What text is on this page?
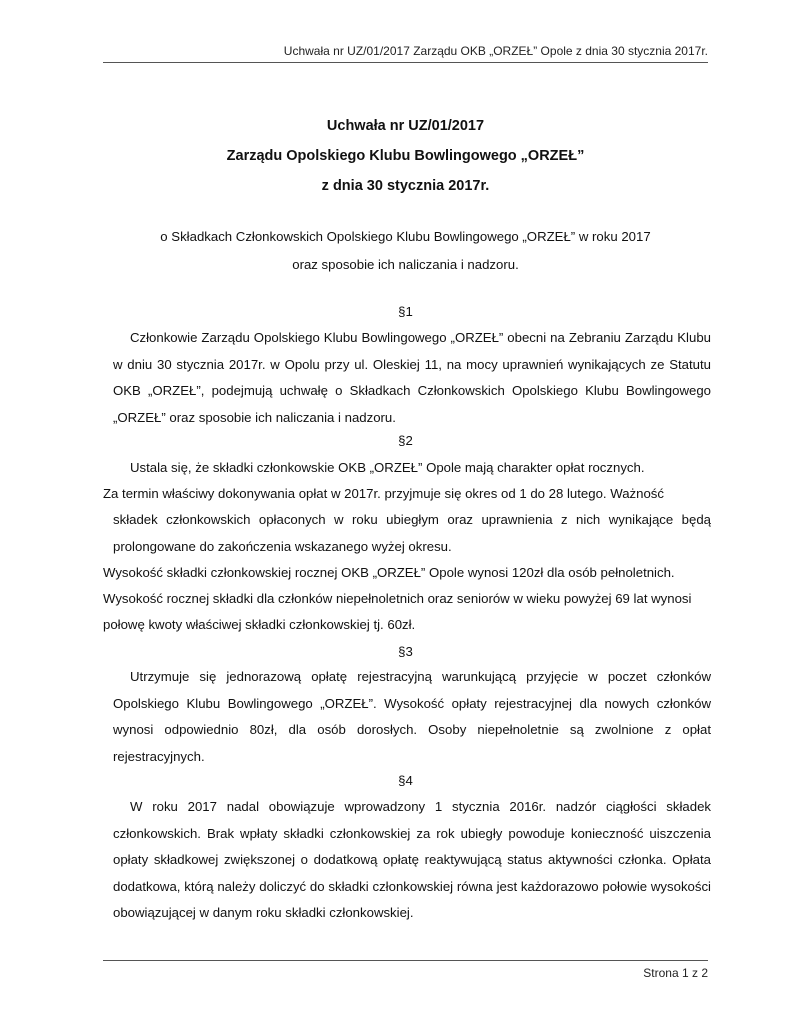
Uchwała nr UZ/01/2017 Zarządu OKB „ORZEŁ” Opole z dnia 30 stycznia 2017r.
Uchwała nr UZ/01/2017
Zarządu Opolskiego Klubu Bowlingowego „ORZEŁ”
z dnia 30 stycznia 2017r.
o Składkach Członkowskich Opolskiego Klubu Bowlingowego „ORZEŁ” w roku 2017
oraz sposobie ich naliczania i nadzoru.
§1

Członkowie Zarządu Opolskiego Klubu Bowlingowego „ORZEŁ” obecni na Zebraniu Zarządu Klubu w dniu 30 stycznia 2017r. w Opolu przy ul. Oleskiej 11, na mocy uprawnień wynikających ze Statutu OKB „ORZEŁ”, podejmują uchwałę o Składkach Członkowskich Opolskiego Klubu Bowlingowego „ORZEŁ” oraz sposobie ich naliczania i nadzoru.

§2
Ustala się, że składki członkowskie OKB „ORZEŁ” Opole mają charakter opłat rocznych.
Za termin właściwy dokonywania opłat w 2017r. przyjmuje się okres od 1 do 28 lutego. Ważność

składek członkowskich opłaconych w roku ubiegłym oraz uprawnienia z nich wynikające będą prolongowane do zakończenia wskazanego wyżej okresu.

Wysokość składki członkowskiej rocznej OKB „ORZEŁ” Opole wynosi 120zł dla osób pełnoletnich.
Wysokość rocznej składki dla członków niepełnoletnich oraz seniorów w wieku powyżej 69 lat wynosi
połowę kwoty właściwej składki członkowskiej tj. 60zł.
§3

Utrzymuje się jednorazową opłatę rejestracyjną warunkującą przyjęcie w poczet członków Opolskiego Klubu Bowlingowego „ORZEŁ”. Wysokość opłaty rejestracyjnej dla nowych członków wynosi odpowiednio 80zł, dla osób dorosłych. Osoby niepełnoletnie są zwolnione z opłat rejestracyjnych.

§4

W roku 2017 nadal obowiązuje wprowadzony 1 stycznia 2016r. nadzór ciągłości składek członkowskich. Brak wpłaty składki członkowskiej za rok ubiegły powoduje konieczność uiszczenia opłaty składkowej zwiększonej o dodatkową opłatę reaktywującą status aktywności członka. Opłata dodatkowa, którą należy doliczyć do składki członkowskiej równa jest każdorazowo połowie wysokości obowiązującej w danym roku składki członkowskiej.

Strona 1 z 2
